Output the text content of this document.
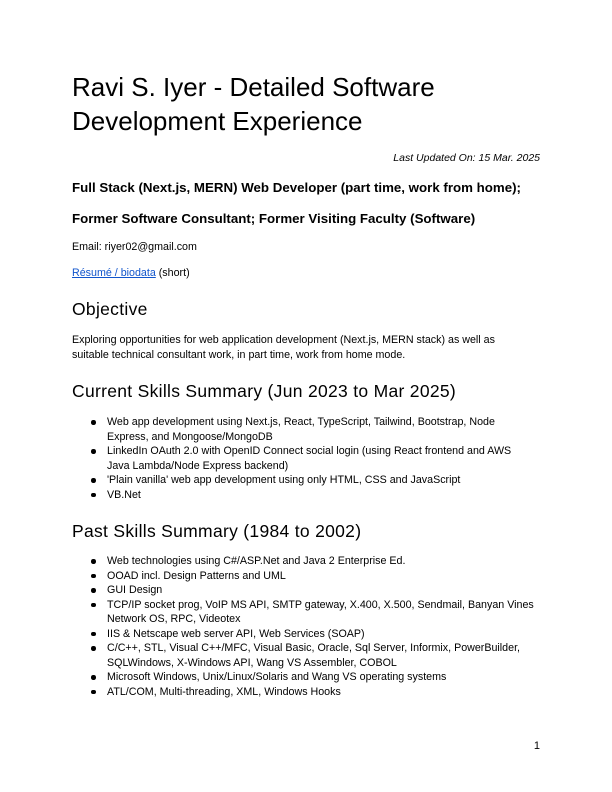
Ravi S. Iyer - Detailed Software Development Experience
Last Updated On: 15 Mar. 2025
Full Stack (Next.js, MERN) Web Developer (part time, work from home);
Former Software Consultant; Former Visiting Faculty (Software)
Email: riyer02@gmail.com
Résumé / biodata (short)
Objective
Exploring opportunities for web application development (Next.js, MERN stack) as well as suitable technical consultant work, in part time, work from home mode.
Current Skills Summary (Jun 2023 to Mar 2025)
Web app development using Next.js, React, TypeScript, Tailwind, Bootstrap, Node Express, and Mongoose/MongoDB
LinkedIn OAuth 2.0 with OpenID Connect social login (using React frontend and AWS Java Lambda/Node Express backend)
'Plain vanilla' web app development using only HTML, CSS and JavaScript
VB.Net
Past Skills Summary (1984 to 2002)
Web technologies using C#/ASP.Net and Java 2 Enterprise Ed.
OOAD incl. Design Patterns and UML
GUI Design
TCP/IP socket prog, VoIP MS API, SMTP gateway, X.400, X.500, Sendmail, Banyan Vines Network OS, RPC, Videotex
IIS & Netscape web server API, Web Services (SOAP)
C/C++, STL, Visual C++/MFC, Visual Basic, Oracle, Sql Server, Informix, PowerBuilder, SQLWindows, X-Windows API, Wang VS Assembler, COBOL
Microsoft Windows, Unix/Linux/Solaris and Wang VS operating systems
ATL/COM, Multi-threading, XML, Windows Hooks
1
